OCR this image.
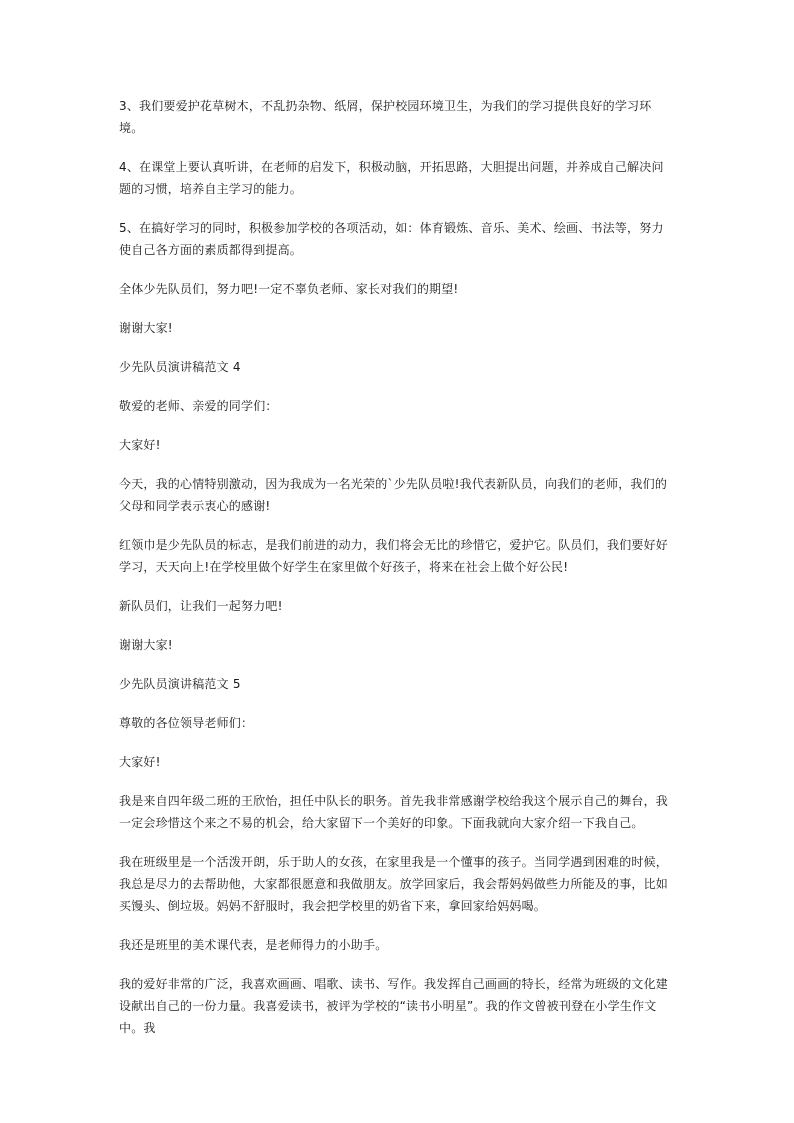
3、我们要爱护花草树木，不乱扔杂物、纸屑，保护校园环境卫生，为我们的学习提供良好的学习环境。

4、在课堂上要认真听讲，在老师的启发下，积极动脑，开拓思路，大胆提出问题，并养成自己解决问题的习惯，培养自主学习的能力。

5、在搞好学习的同时，积极参加学校的各项活动，如：体育锻炼、音乐、美术、绘画、书法等，努力使自己各方面的素质都得到提高。

全体少先队员们，努力吧!一定不辜负老师、家长对我们的期望!

谢谢大家!

少先队员演讲稿范文 4

敬爱的老师、亲爱的同学们：

大家好!

今天，我的心情特别激动，因为我成为一名光荣的`少先队员啦!我代表新队员，向我们的老师，我们的父母和同学表示衷心的感谢!

红领巾是少先队员的标志，是我们前进的动力，我们将会无比的珍惜它，爱护它。队员们，我们要好好学习，天天向上!在学校里做个好学生在家里做个好孩子，将来在社会上做个好公民!

新队员们，让我们一起努力吧!

谢谢大家!

少先队员演讲稿范文 5

尊敬的各位领导老师们：

大家好!

我是来自四年级二班的王欣怡，担任中队长的职务。首先我非常感谢学校给我这个展示自己的舞台，我一定会珍惜这个来之不易的机会，给大家留下一个美好的印象。下面我就向大家介绍一下我自己。

我在班级里是一个活泼开朗，乐于助人的女孩，在家里我是一个懂事的孩子。当同学遇到困难的时候，我总是尽力的去帮助他，大家都很愿意和我做朋友。放学回家后，我会帮妈妈做些力所能及的事，比如买馒头、倒垃圾。妈妈不舒服时，我会把学校里的奶省下来，拿回家给妈妈喝。

我还是班里的美术课代表，是老师得力的小助手。

我的爱好非常的广泛，我喜欢画画、唱歌、读书、写作。我发挥自己画画的特长，经常为班级的文化建设献出自己的一份力量。我喜爱读书，被评为学校的“读书小明星”。我的作文曾被刊登在小学生作文中。我
